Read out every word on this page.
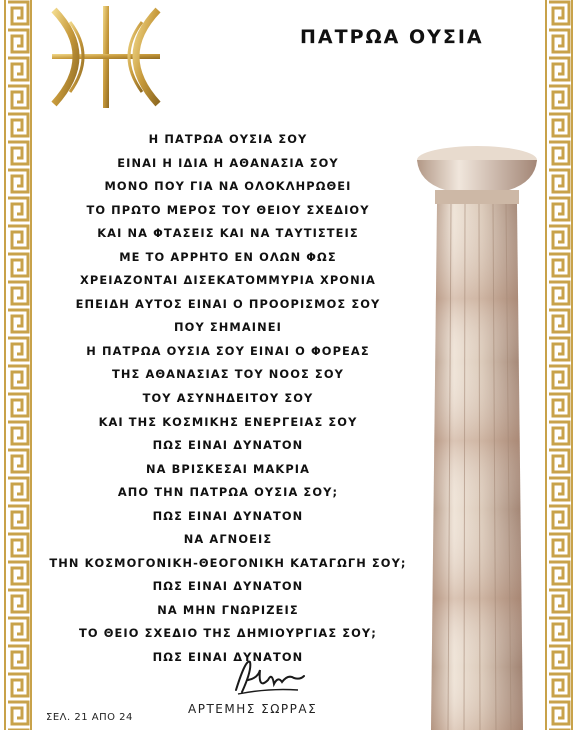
ΠΑΤΡΩΑ ΟΥΣΙΑ
Η ΠΑΤΡΩΑ ΟΥΣΙΑ ΣΟΥ
ΕΙΝΑΙ Η ΙΔΙΑ Η ΑΘΑΝΑΣΙΑ ΣΟΥ
ΜΟΝΟ ΠΟΥ ΓΙΑ ΝΑ ΟΛΟΚΛΗΡΩΘΕΙ
ΤΟ ΠΡΩΤΟ ΜΕΡΟΣ ΤΟΥ ΘΕΙΟΥ ΣΧΕΔΙΟΥ
ΚΑΙ ΝΑ ΦΤΑΣΕΙΣ ΚΑΙ ΝΑ ΤΑΥΤΙΣΤΕΙΣ
ΜΕ ΤΟ ΑΡΡΗΤΟ ΕΝ ΟΛΩΝ ΦΩΣ
ΧΡΕΙΑΖΟΝΤΑΙ ΔΙΣΕΚΑΤΟΜΜΥΡΙΑ ΧΡΟΝΙΑ
ΕΠΕΙΔΗ ΑΥΤΟΣ ΕΙΝΑΙ Ο ΠΡΟΟΡΙΣΜΟΣ ΣΟΥ
ΠΟΥ ΣΗΜΑΙΝΕΙ
Η ΠΑΤΡΩΑ ΟΥΣΙΑ ΣΟΥ ΕΙΝΑΙ Ο ΦΟΡΕΑΣ
ΤΗΣ ΑΘΑΝΑΣΙΑΣ ΤΟΥ ΝΟΟΣ ΣΟΥ
ΤΟΥ ΑΣΥΝΗΔΕΙΤΟΥ ΣΟΥ
ΚΑΙ ΤΗΣ ΚΟΣΜΙΚΗΣ ΕΝΕΡΓΕΙΑΣ ΣΟΥ
ΠΩΣ ΕΙΝΑΙ ΔΥΝΑΤΟΝ
ΝΑ ΒΡΙΣΚΕΣΑΙ ΜΑΚΡΙΑ
ΑΠΟ ΤΗΝ ΠΑΤΡΩΑ ΟΥΣΙΑ ΣΟΥ;
ΠΩΣ ΕΙΝΑΙ ΔΥΝΑΤΟΝ
ΝΑ ΑΓΝΟΕΙΣ
ΤΗΝ ΚΟΣΜΟΓΟΝΙΚΗ-ΘΕΟΓΟΝΙΚΗ ΚΑΤΑΓΩΓΗ ΣΟΥ;
ΠΩΣ ΕΙΝΑΙ ΔΥΝΑΤΟΝ
ΝΑ ΜΗΝ ΓΝΩΡΙΖΕΙΣ
ΤΟ ΘΕΙΟ ΣΧΕΔΙΟ ΤΗΣ ΔΗΜΙΟΥΡΓΙΑΣ ΣΟΥ;
ΠΩΣ ΕΙΝΑΙ ΔΥΝΑΤΟΝ
ΑΡΤΕΜΗΣ ΣΩΡΡΑΣ
ΣΕΛ. 21 ΑΠΟ 24
